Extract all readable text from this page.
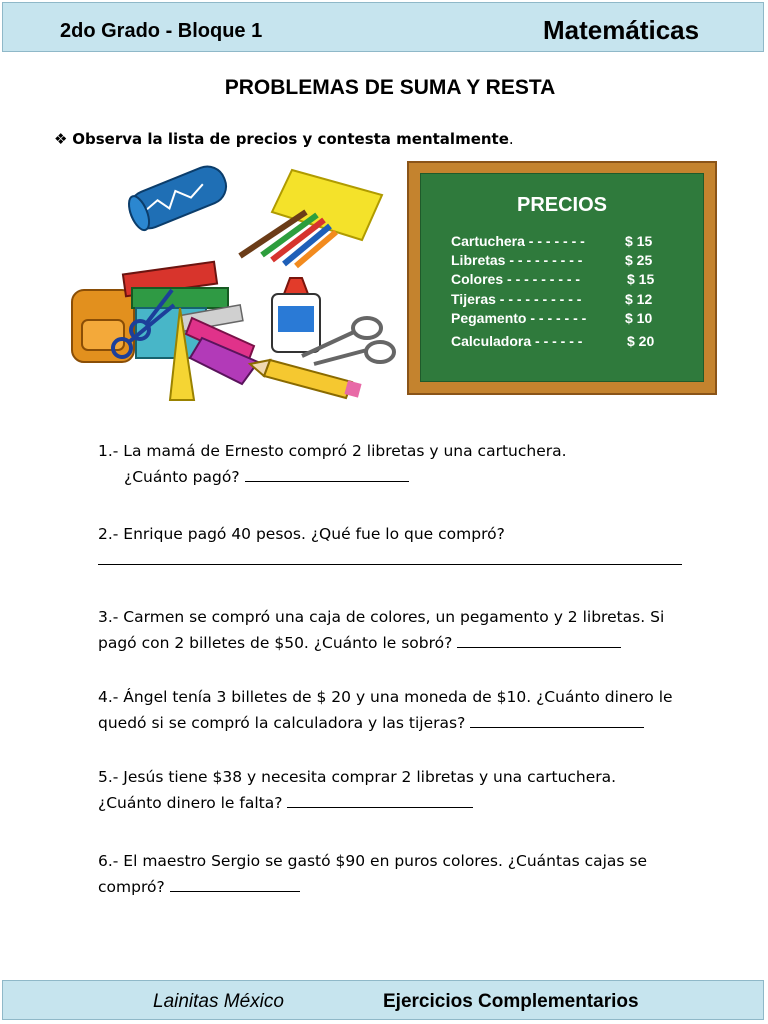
2do Grado - Bloque 1	Matemáticas
PROBLEMAS DE SUMA Y RESTA
❖ Observa la lista de precios y contesta mentalmente.
PRECIOS
Cartuchera - - - - - - -	$ 15
Libretas - - - - - - - - -	$ 25
Colores - - - - - - - - -	$ 15
Tijeras - - - - - - - - - -	$ 12
Pegamento - - - - - - -	$ 10
Calculadora - - - - - -	$ 20
1.- La mamá de Ernesto compró 2 libretas y una cartuchera.
¿Cuánto pagó?
2.- Enrique pagó 40 pesos. ¿Qué fue lo que compró?
3.- Carmen se compró una caja de colores, un pegamento y 2 libretas. Si
pagó con 2 billetes de $50. ¿Cuánto le sobró?
4.- Ángel tenía 3 billetes de $ 20 y una moneda de $10. ¿Cuánto dinero le
quedó si se compró la calculadora y las tijeras?
5.- Jesús tiene $38 y necesita comprar 2 libretas y una cartuchera.
¿Cuánto dinero le falta?
6.- El maestro Sergio se gastó $90 en puros colores. ¿Cuántas cajas se
compró?
Lainitas México	Ejercicios Complementarios
